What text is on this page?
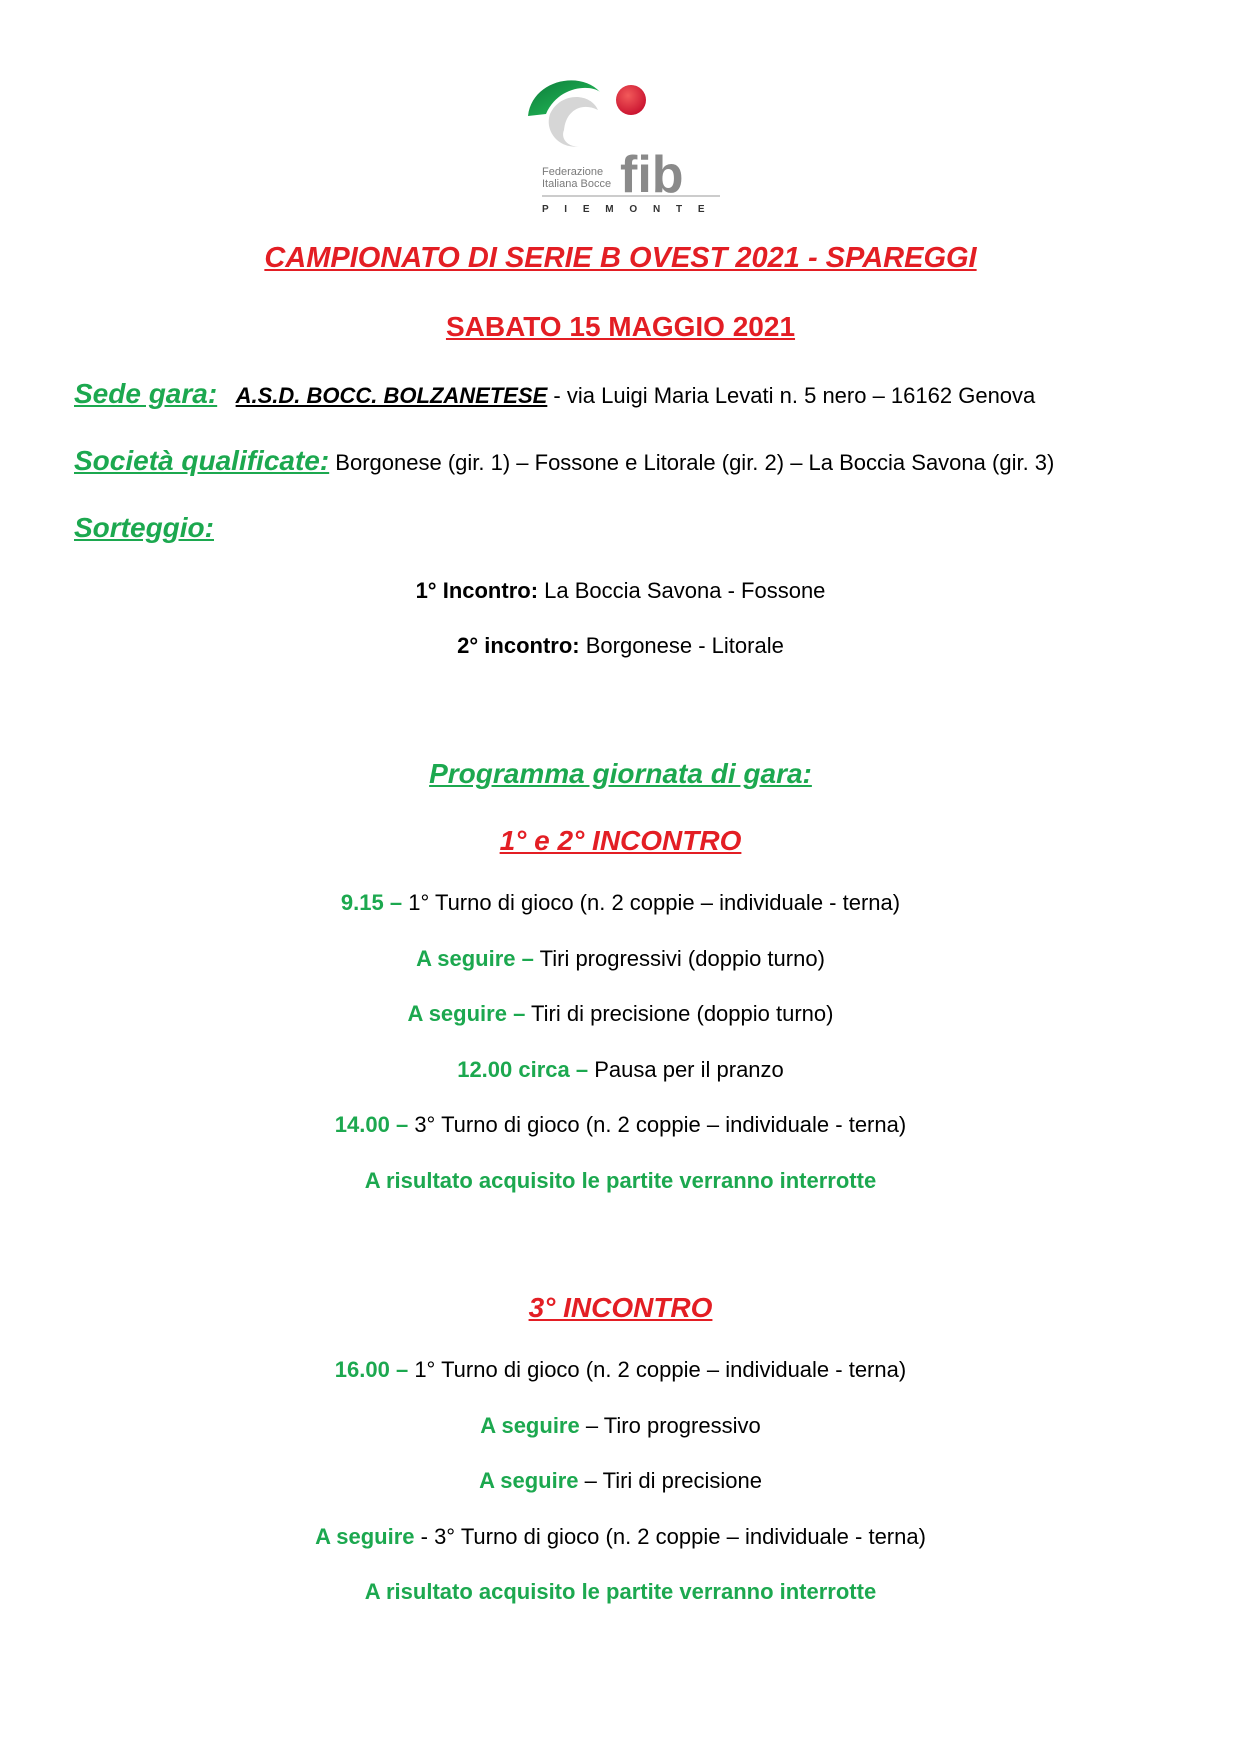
Federazione
Italiana Bocce fib
P I E M O N T E
CAMPIONATO DI SERIE B OVEST 2021 - SPAREGGI
SABATO 15 MAGGIO 2021
Sede gara: A.S.D. BOCC. BOLZANETESE - via Luigi Maria Levati n. 5 nero – 16162 Genova
Società qualificate: Borgonese (gir. 1) – Fossone e Litorale (gir. 2) – La Boccia Savona (gir. 3)
Sorteggio:
1° Incontro: La Boccia Savona - Fossone
2° incontro: Borgonese - Litorale
Programma giornata di gara:
1° e 2° INCONTRO
9.15 – 1° Turno di gioco (n. 2 coppie – individuale - terna)
A seguire – Tiri progressivi (doppio turno)
A seguire – Tiri di precisione (doppio turno)
12.00 circa – Pausa per il pranzo
14.00 – 3° Turno di gioco (n. 2 coppie – individuale - terna)
A risultato acquisito le partite verranno interrotte
3° INCONTRO
16.00 – 1° Turno di gioco (n. 2 coppie – individuale - terna)
A seguire – Tiro progressivo
A seguire – Tiri di precisione
A seguire - 3° Turno di gioco (n. 2 coppie – individuale - terna)
A risultato acquisito le partite verranno interrotte
